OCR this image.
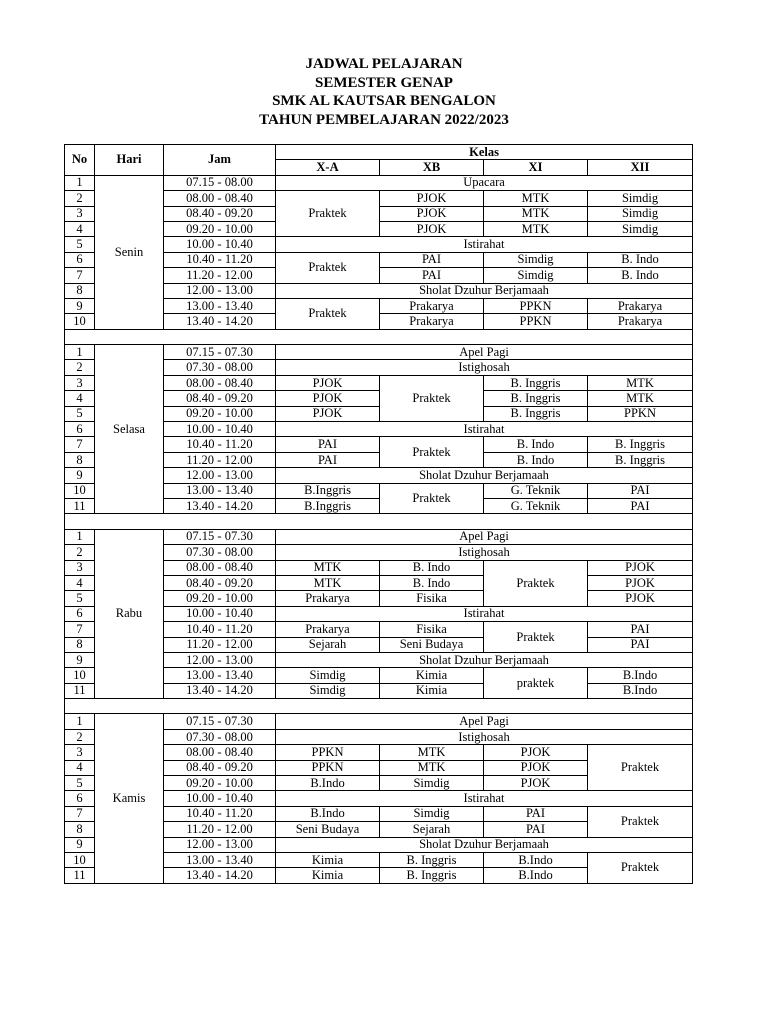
JADWAL PELAJARAN
SEMESTER GENAP
SMK AL KAUTSAR BENGALON
TAHUN PEMBELAJARAN 2022/2023
No	Hari	Jam	Kelas			
			X-A	XB	XI	XII
1	Senin	07.15 - 08.00	Upacara			
2		08.00 - 08.40	Praktek	PJOK	MTK	Simdig
3		08.40 - 09.20		PJOK	MTK	Simdig
4		09.20 - 10.00		PJOK	MTK	Simdig
5		10.00 - 10.40	Istirahat			
6		10.40 - 11.20	Praktek	PAI	Simdig	B. Indo
7		11.20 - 12.00		PAI	Simdig	B. Indo
8		12.00 - 13.00	Sholat Dzuhur Berjamaah			
9		13.00 - 13.40	Praktek	Prakarya	PPKN	Prakarya
10		13.40 - 14.20		Prakarya	PPKN	Prakarya

1	Selasa	07.15 - 07.30	Apel Pagi			
2		07.30 - 08.00	Istighosah			
3		08.00 - 08.40	PJOK	Praktek	B. Inggris	MTK
4		08.40 - 09.20	PJOK		B. Inggris	MTK
5		09.20 - 10.00	PJOK		B. Inggris	PPKN
6		10.00 - 10.40	Istirahat			
7		10.40 - 11.20	PAI	Praktek	B. Indo	B. Inggris
8		11.20 - 12.00	PAI		B. Indo	B. Inggris
9		12.00 - 13.00	Sholat Dzuhur Berjamaah			
10		13.00 - 13.40	B.Inggris	Praktek	G. Teknik	PAI
11		13.40 - 14.20	B.Inggris		G. Teknik	PAI

1	Rabu	07.15 - 07.30	Apel Pagi			
2		07.30 - 08.00	Istighosah			
3		08.00 - 08.40	MTK	B. Indo	Praktek	PJOK
4		08.40 - 09.20	MTK	B. Indo		PJOK
5		09.20 - 10.00	Prakarya	Fisika		PJOK
6		10.00 - 10.40	Istirahat			
7		10.40 - 11.20	Prakarya	Fisika	Praktek	PAI
8		11.20 - 12.00	Sejarah	Seni Budaya		PAI
9		12.00 - 13.00	Sholat Dzuhur Berjamaah			
10		13.00 - 13.40	Simdig	Kimia	praktek	B.Indo
11		13.40 - 14.20	Simdig	Kimia		B.Indo

1	Kamis	07.15 - 07.30	Apel Pagi			
2		07.30 - 08.00	Istighosah			
3		08.00 - 08.40	PPKN	MTK	PJOK	Praktek
4		08.40 - 09.20	PPKN	MTK	PJOK	
5		09.20 - 10.00	B.Indo	Simdig	PJOK	
6		10.00 - 10.40	Istirahat			
7		10.40 - 11.20	B.Indo	Simdig	PAI	Praktek
8		11.20 - 12.00	Seni Budaya	Sejarah	PAI	
9		12.00 - 13.00	Sholat Dzuhur Berjamaah			
10		13.00 - 13.40	Kimia	B. Inggris	B.Indo	Praktek
11		13.40 - 14.20	Kimia	B. Inggris	B.Indo	
